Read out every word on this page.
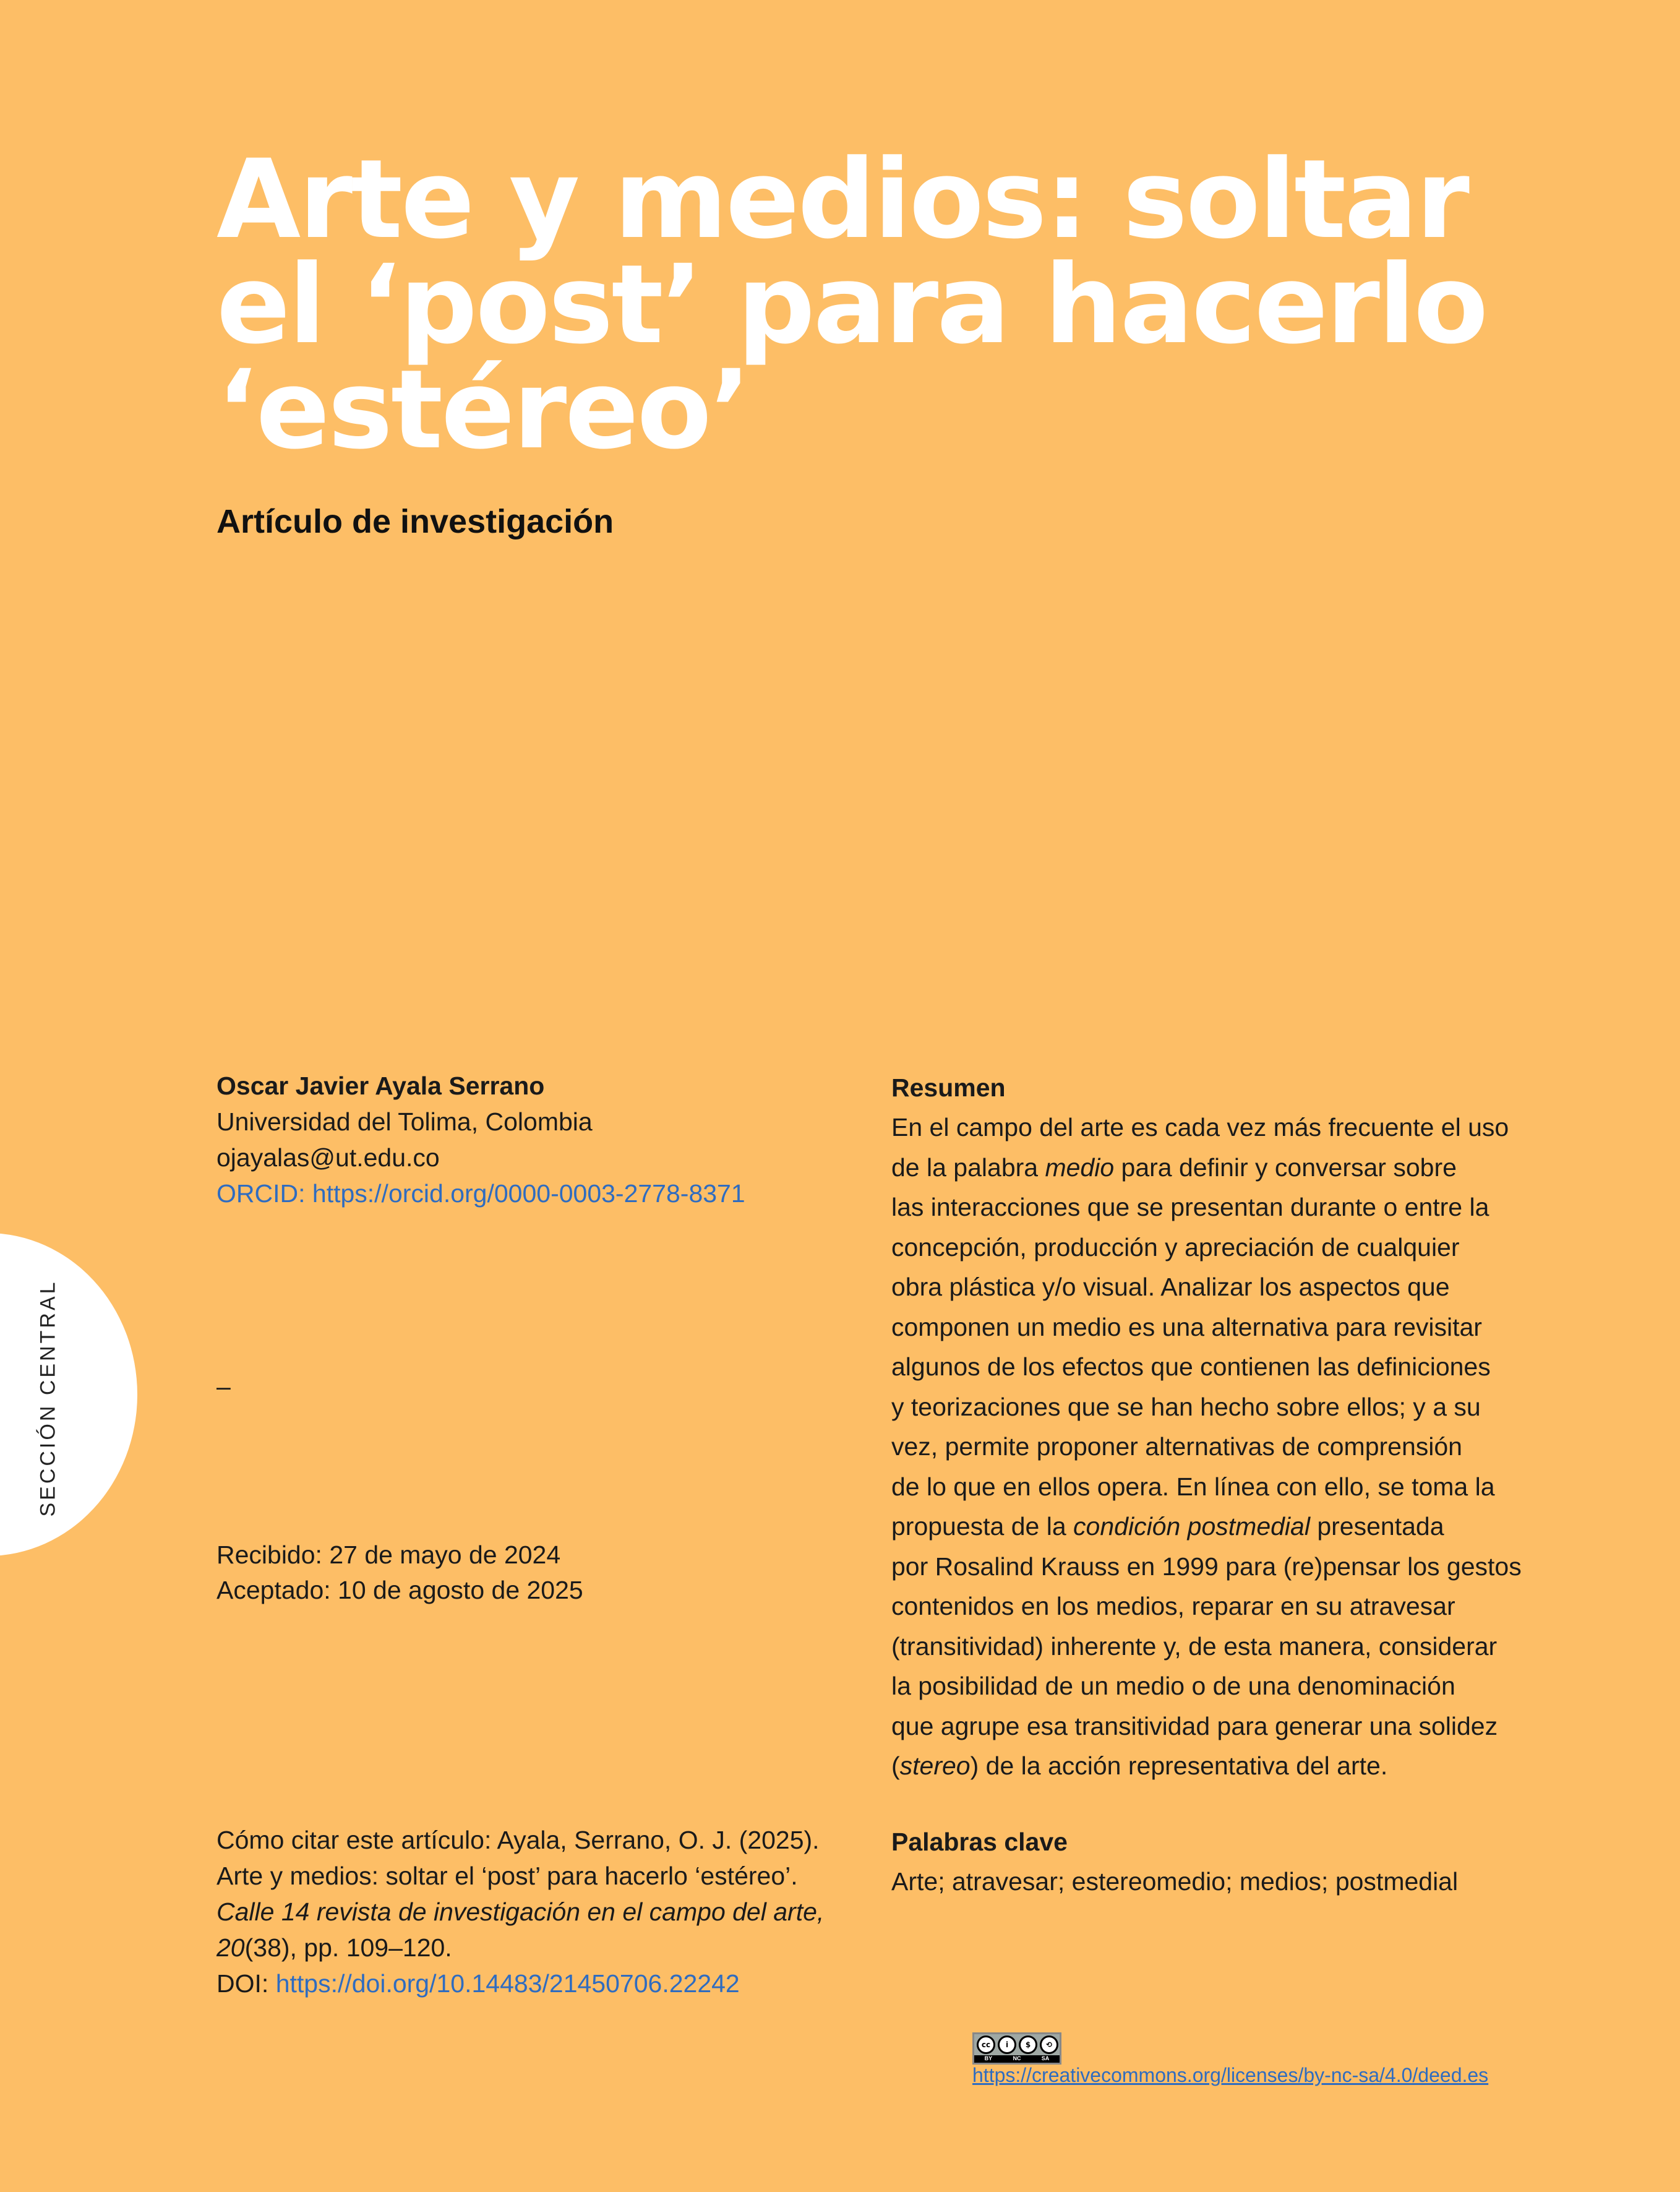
Arte y medios: soltar
el ‘post’ para hacerlo
‘estéreo’
Artículo de investigación
Oscar Javier Ayala Serrano
Universidad del Tolima, Colombia
ojayalas@ut.edu.co
ORCID: https://orcid.org/0000-0003-2778-8371
–
Recibido: 27 de mayo de 2024
Aceptado: 10 de agosto de 2025
Cómo citar este artículo: Ayala, Serrano, O. J. (2025).
Arte y medios: soltar el ‘post’ para hacerlo ‘estéreo’.
Calle 14 revista de investigación en el campo del arte,
20(38), pp. 109–120.
DOI: https://doi.org/10.14483/21450706.22242
Resumen
En el campo del arte es cada vez más frecuente el uso
de la palabra medio para definir y conversar sobre
las interacciones que se presentan durante o entre la
concepción, producción y apreciación de cualquier
obra plástica y/o visual. Analizar los aspectos que
componen un medio es una alternativa para revisitar
algunos de los efectos que contienen las definiciones
y teorizaciones que se han hecho sobre ellos; y a su
vez, permite proponer alternativas de comprensión
de lo que en ellos opera. En línea con ello, se toma la
propuesta de la condición postmedial presentada
por Rosalind Krauss en 1999 para (re)pensar los gestos
contenidos en los medios, reparar en su atravesar
(transitividad) inherente y, de esta manera, considerar
la posibilidad de un medio o de una denominación
que agrupe esa transitividad para generar una solidez
(stereo) de la acción representativa del arte.
Palabras clave
Arte; atravesar; estereomedio; medios; postmedial
SECCIÓN CENTRAL
cc	i	$	⟲
BY	NC	SA
https://creativecommons.org/licenses/by-nc-sa/4.0/deed.es
